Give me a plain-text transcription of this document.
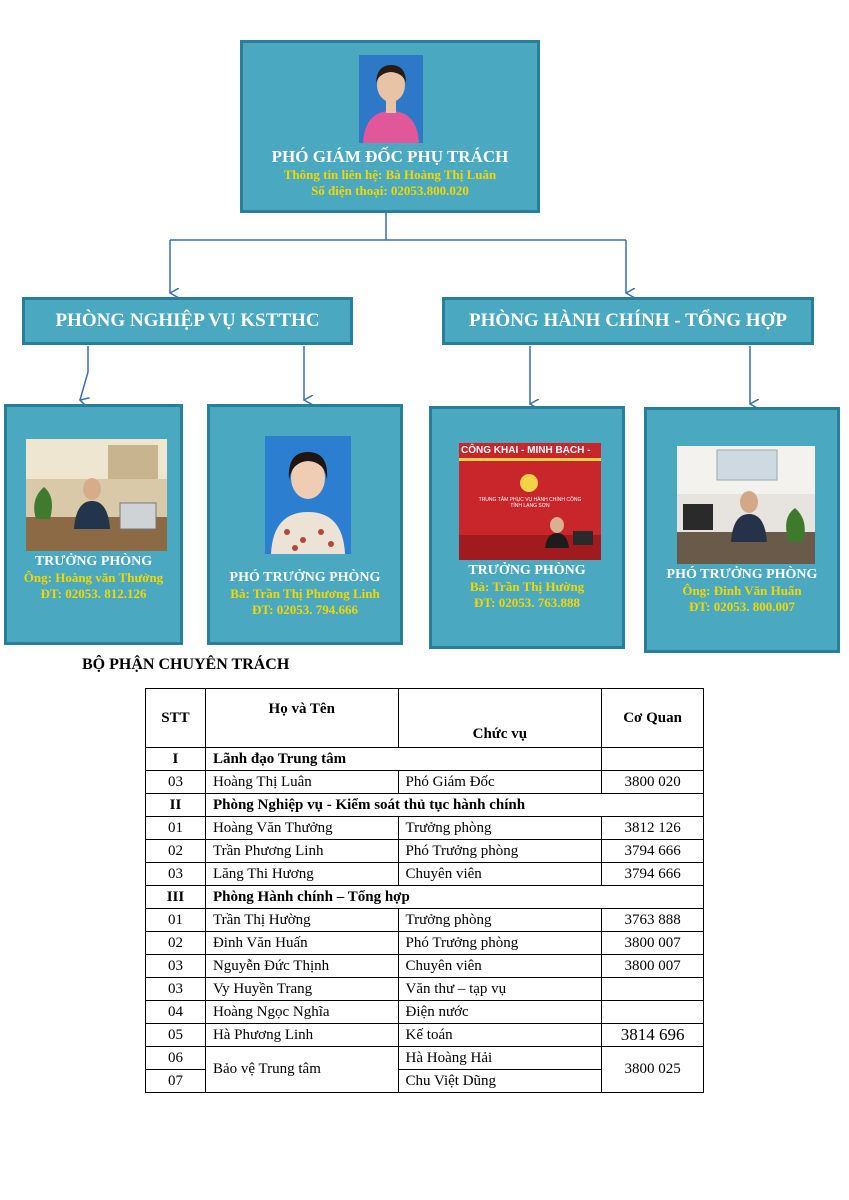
PHÓ GIÁM ĐỐC PHỤ TRÁCH
Thông tin liên hệ: Bà Hoàng Thị Luân
Số điện thoại: 02053.800.020
PHÒNG NGHIỆP VỤ KSTTHC	PHÒNG HÀNH CHÍNH - TỔNG HỢP
TRƯỞNG PHÒNG
Ông: Hoàng văn Thưởng
ĐT: 02053. 812.126
PHÓ TRƯỞNG PHÒNG
Bà: Trần Thị Phương Linh
ĐT: 02053. 794.666
CÔNG KHAI - MINH BẠCH -
TRUNG TÂM PHỤC VỤ HÀNH CHÍNH CÔNG TỈNH LẠNG SƠN
TRƯỞNG PHÒNG
Bà: Trần Thị Hường
ĐT: 02053. 763.888
PHÓ TRƯỞNG PHÒNG
Ông: Đinh Văn Huấn
ĐT: 02053. 800.007
BỘ PHẬN CHUYÊN TRÁCH
STT	Họ và Tên	Chức vụ	Cơ Quan
I	Lãnh đạo Trung tâm		
03	Hoàng Thị Luân	Phó Giám Đốc	3800 020
II	Phòng Nghiệp vụ - Kiểm soát thủ tục hành chính		
01	Hoàng Văn Thưởng	Trưởng phòng	3812 126
02	Trần Phương Linh	Phó Trưởng phòng	3794 666
03	Lăng Thi Hương	Chuyên viên	3794 666
III	Phòng Hành chính – Tổng hợp		
01	Trần Thị Hường	Trưởng phòng	3763 888
02	Đinh Văn Huấn	Phó Trưởng phòng	3800 007
03	Nguyễn Đức Thịnh	Chuyên viên	3800 007
03	Vy Huyền Trang	Văn thư – tạp vụ	
04	Hoàng Ngọc Nghĩa	Điện nước	
05	Hà Phương Linh	Kế toán	3814 696
06	Bảo vệ Trung tâm	Hà Hoàng Hải	3800 025
07		Chu Việt Dũng	
